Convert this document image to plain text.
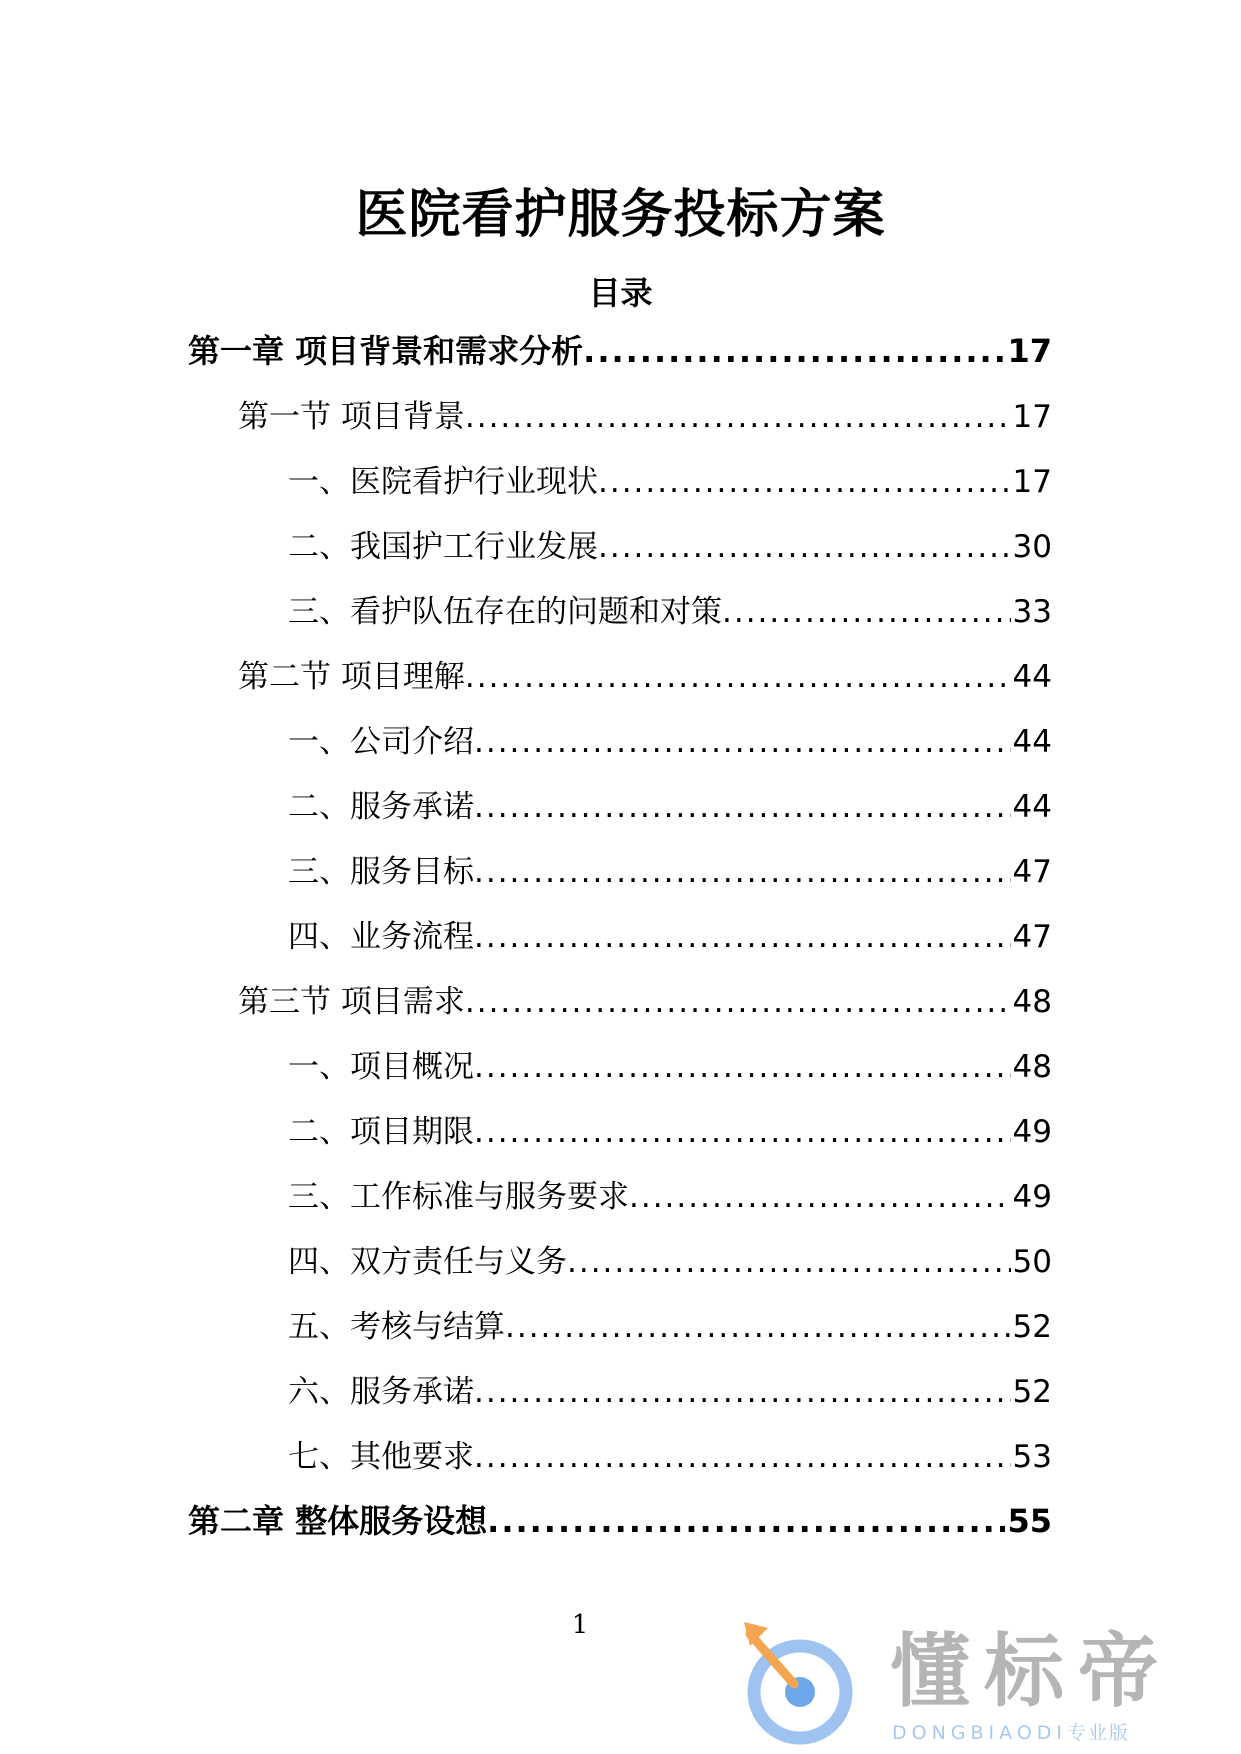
医院看护服务投标方案
目录
第一章 项目背景和需求分析 .....	17
第一节 项目背景 .....	17
一、医院看护行业现状 .....	17
二、我国护工行业发展 .....	30
三、看护队伍存在的问题和对策 .....	33
第二节 项目理解 .....	44
一、公司介绍 .....	44
二、服务承诺 .....	44
三、服务目标 .....	47
四、业务流程 .....	47
第三节 项目需求 .....	48
一、项目概况 .....	48
二、项目期限 .....	49
三、工作标准与服务要求 .....	49
四、双方责任与义务 .....	50
五、考核与结算 .....	52
六、服务承诺 .....	52
七、其他要求 .....	53
第二章 整体服务设想 .....	55
1	懂标帝
DONGBIAODI专业版
